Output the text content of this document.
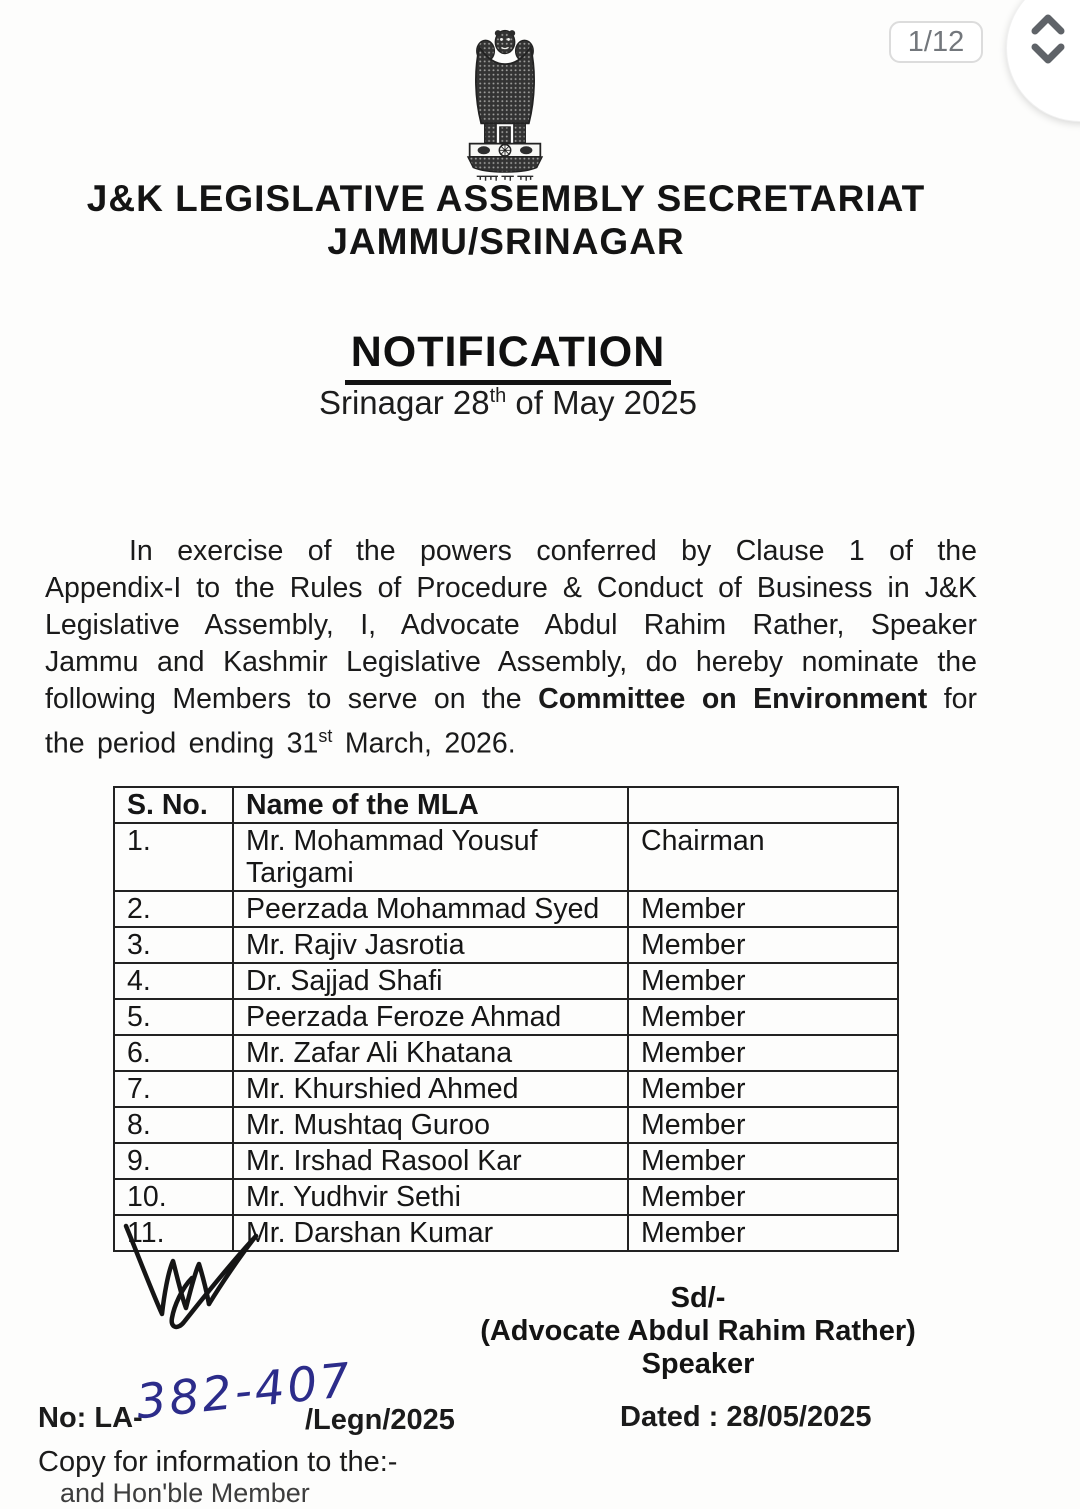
J&K LEGISLATIVE ASSEMBLY SECRETARIAT
JAMMU/SRINAGAR
NOTIFICATION
Srinagar 28th of May 2025

In exercise of the powers conferred by Clause 1 of the Appendix-I to the Rules of Procedure & Conduct of Business in J&K Legislative Assembly, I, Advocate Abdul Rahim Rather, Speaker Jammu and Kashmir Legislative Assembly, do hereby nominate the following Members to serve on the Committee on Environment for the period ending 31st March, 2026.

S. No.	Name of the MLA	
1.	Mr. Mohammad Yousuf Tarigami	Chairman
2.	Peerzada Mohammad Syed	Member
3.	Mr. Rajiv Jasrotia	Member
4.	Dr. Sajjad Shafi	Member
5.	Peerzada Feroze Ahmad	Member
6.	Mr. Zafar Ali Khatana	Member
7.	Mr. Khurshied Ahmed	Member
8.	Mr. Mushtaq Guroo	Member
9.	Mr. Irshad Rasool Kar	Member
10.	Mr. Yudhvir Sethi	Member
11.	Mr. Darshan Kumar	Member
Sd/-
(Advocate Abdul Rahim Rather)
Speaker
No: LA-
382-407
/Legn/2025	Dated : 28/05/2025
Copy for information to the:-
and Hon'ble Member
1/12
